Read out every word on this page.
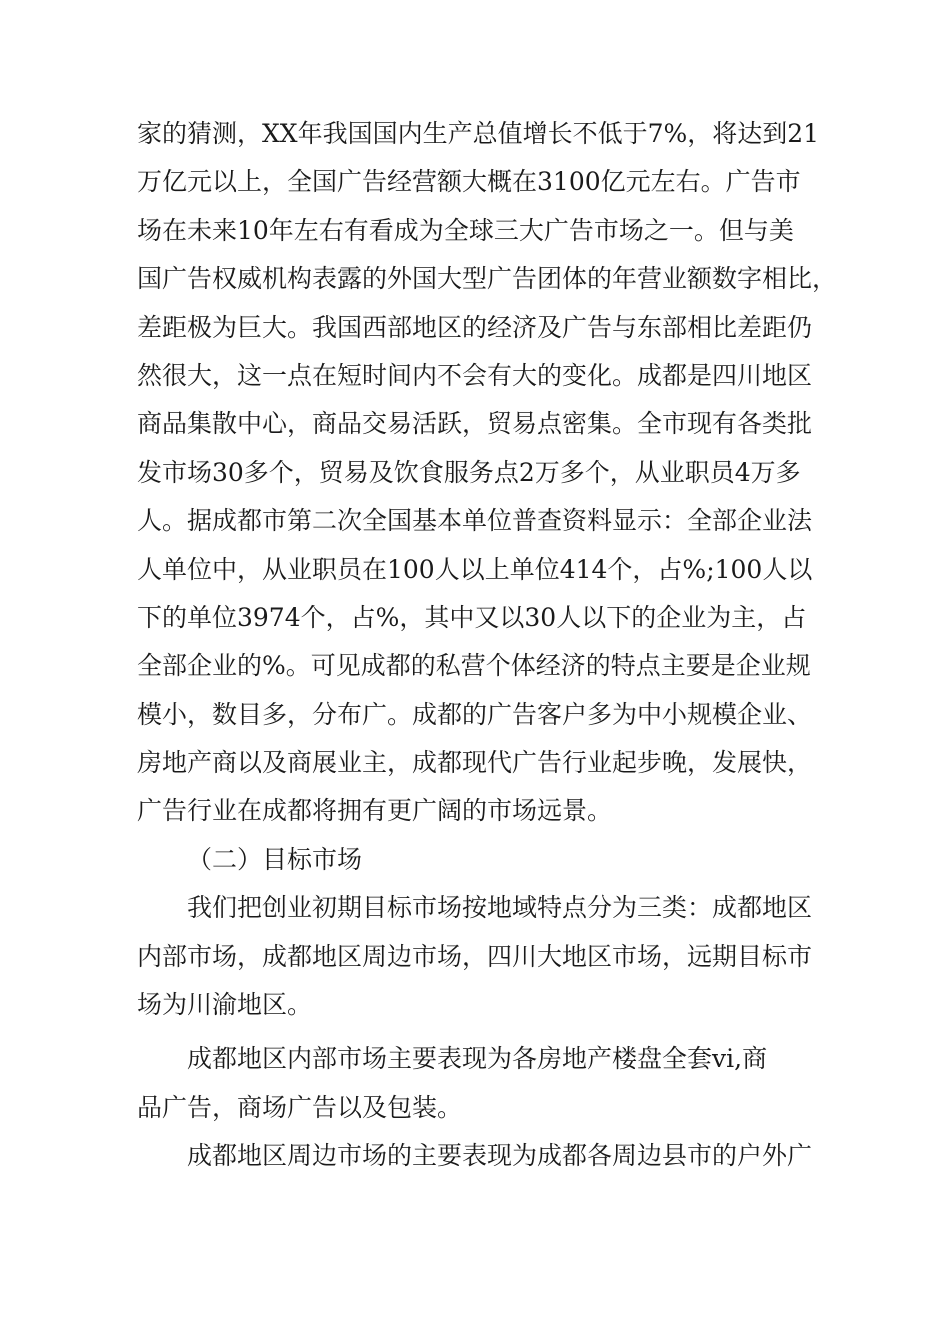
家的猜测，XX年我国国内生产总值增长不低于7%，将达到21
万亿元以上，全国广告经营额大概在3100亿元左右。广告市
场在未来10年左右有看成为全球三大广告市场之一。但与美
国广告权威机构表露的外国大型广告团体的年营业额数字相比，
差距极为巨大。我国西部地区的经济及广告与东部相比差距仍
然很大，这一点在短时间内不会有大的变化。成都是四川地区
商品集散中心，商品交易活跃，贸易点密集。全市现有各类批
发市场30多个，贸易及饮食服务点2万多个，从业职员4万多
人。据成都市第二次全国基本单位普查资料显示：全部企业法
人单位中，从业职员在100人以上单位414个，占%;100人以
下的单位3974个，占%，其中又以30人以下的企业为主，占
全部企业的%。可见成都的私营个体经济的特点主要是企业规
模小，数目多，分布广。成都的广告客户多为中小规模企业、
房地产商以及商展业主，成都现代广告行业起步晚，发展快，
广告行业在成都将拥有更广阔的市场远景。
（二）目标市场
我们把创业初期目标市场按地域特点分为三类：成都地区
内部市场，成都地区周边市场，四川大地区市场，远期目标市
场为川渝地区。
成都地区内部市场主要表现为各房地产楼盘全套vi,商
品广告，商场广告以及包装。
成都地区周边市场的主要表现为成都各周边县市的户外广
